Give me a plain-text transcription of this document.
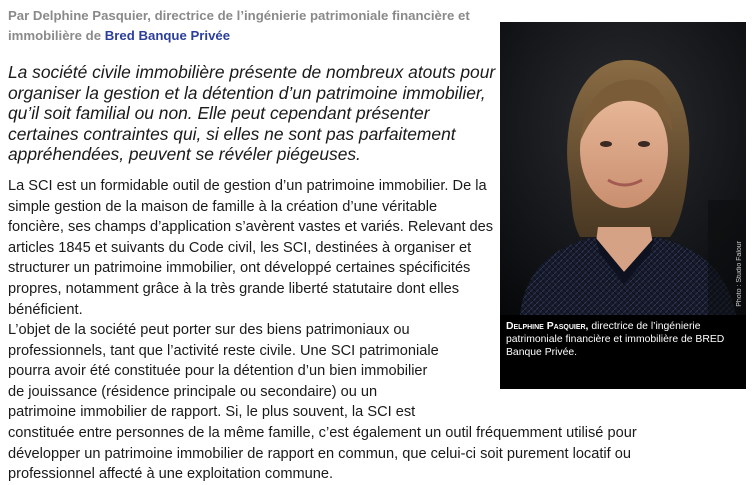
Par Delphine Pasquier, directrice de l’ingénierie patrimoniale financière et immobilière de Bred Banque Privée
La société civile immobilière présente de nombreux atouts pour organiser la gestion et la détention d’un patrimoine immobilier, qu’il soit familial ou non. Elle peut cependant présenter certaines contraintes qui, si elles ne sont pas parfaitement appréhendées, peuvent se révéler piégeuses.
La SCI est un formidable outil de gestion d’un patrimoine immobilier. De la simple gestion de la maison de famille à la création d’une véritable foncière, ses champs d’application s’avèrent vastes et variés. Relevant des articles 1845 et suivants du Code civil, les SCI, destinées à organiser et structurer un patrimoine immobilier, ont développé certaines spécificités propres, notamment grâce à la très grande liberté statutaire dont elles bénéficient.
L’objet de la société peut porter sur des biens patrimoniaux ou
professionnels, tant que l’activité reste civile. Une SCI patrimoniale
pourra avoir été constituée pour la détention d’un bien immobilier
de jouissance (résidence principale ou secondaire) ou un
patrimoine immobilier de rapport. Si, le plus souvent, la SCI est
constituée entre personnes de la même famille, c’est également un outil fréquemment utilisé pour
développer un patrimoine immobilier de rapport en commun, que celui-ci soit purement locatif ou
professionnel affecté à une exploitation commune.
Photo : Studio Falour
Delphine Pasquier, directrice de l’ingénierie patrimoniale financière et immobilière de BRED Banque Privée.
